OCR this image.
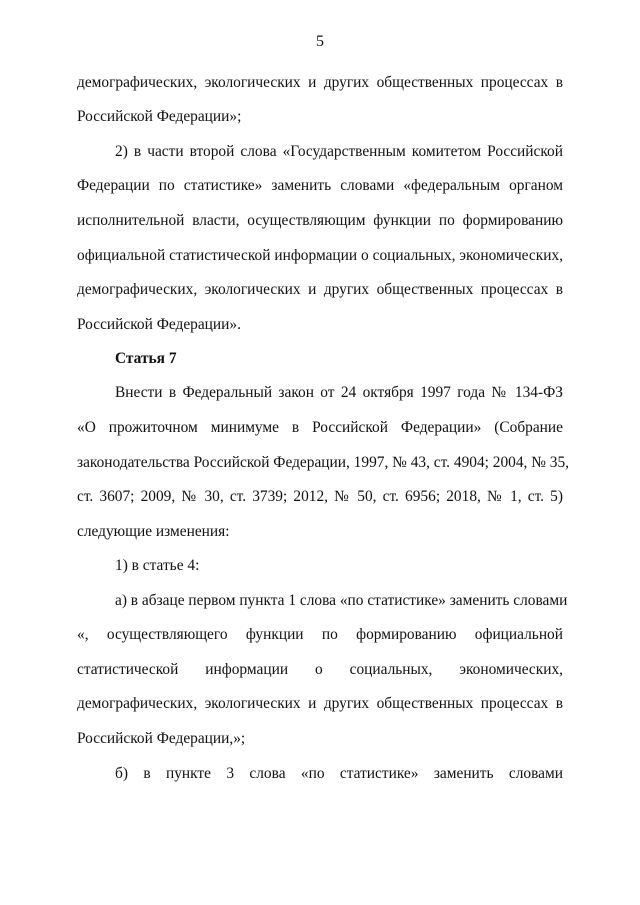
5
демографических, экологических и других общественных процессах в
Российской Федерации»;
2) в части второй слова «Государственным комитетом Российской
Федерации по статистике» заменить словами «федеральным органом
исполнительной власти, осуществляющим функции по формированию
официальной статистической информации о социальных, экономических,
демографических, экологических и других общественных процессах в
Российской Федерации».
Статья 7
Внести в Федеральный закон от 24 октября 1997 года № 134-ФЗ
«О прожиточном минимуме в Российской Федерации» (Собрание
законодательства Российской Федерации, 1997, № 43, ст. 4904; 2004, № 35,
ст. 3607; 2009, № 30, ст. 3739; 2012, № 50, ст. 6956; 2018, № 1, ст. 5)
следующие изменения:
1) в статье 4:
а) в абзаце первом пункта 1 слова «по статистике» заменить словами
«, осуществляющего функции по формированию официальной
статистической информации о социальных, экономических,
демографических, экологических и других общественных процессах в
Российской Федерации,»;
б) в пункте 3 слова «по статистике» заменить словами
